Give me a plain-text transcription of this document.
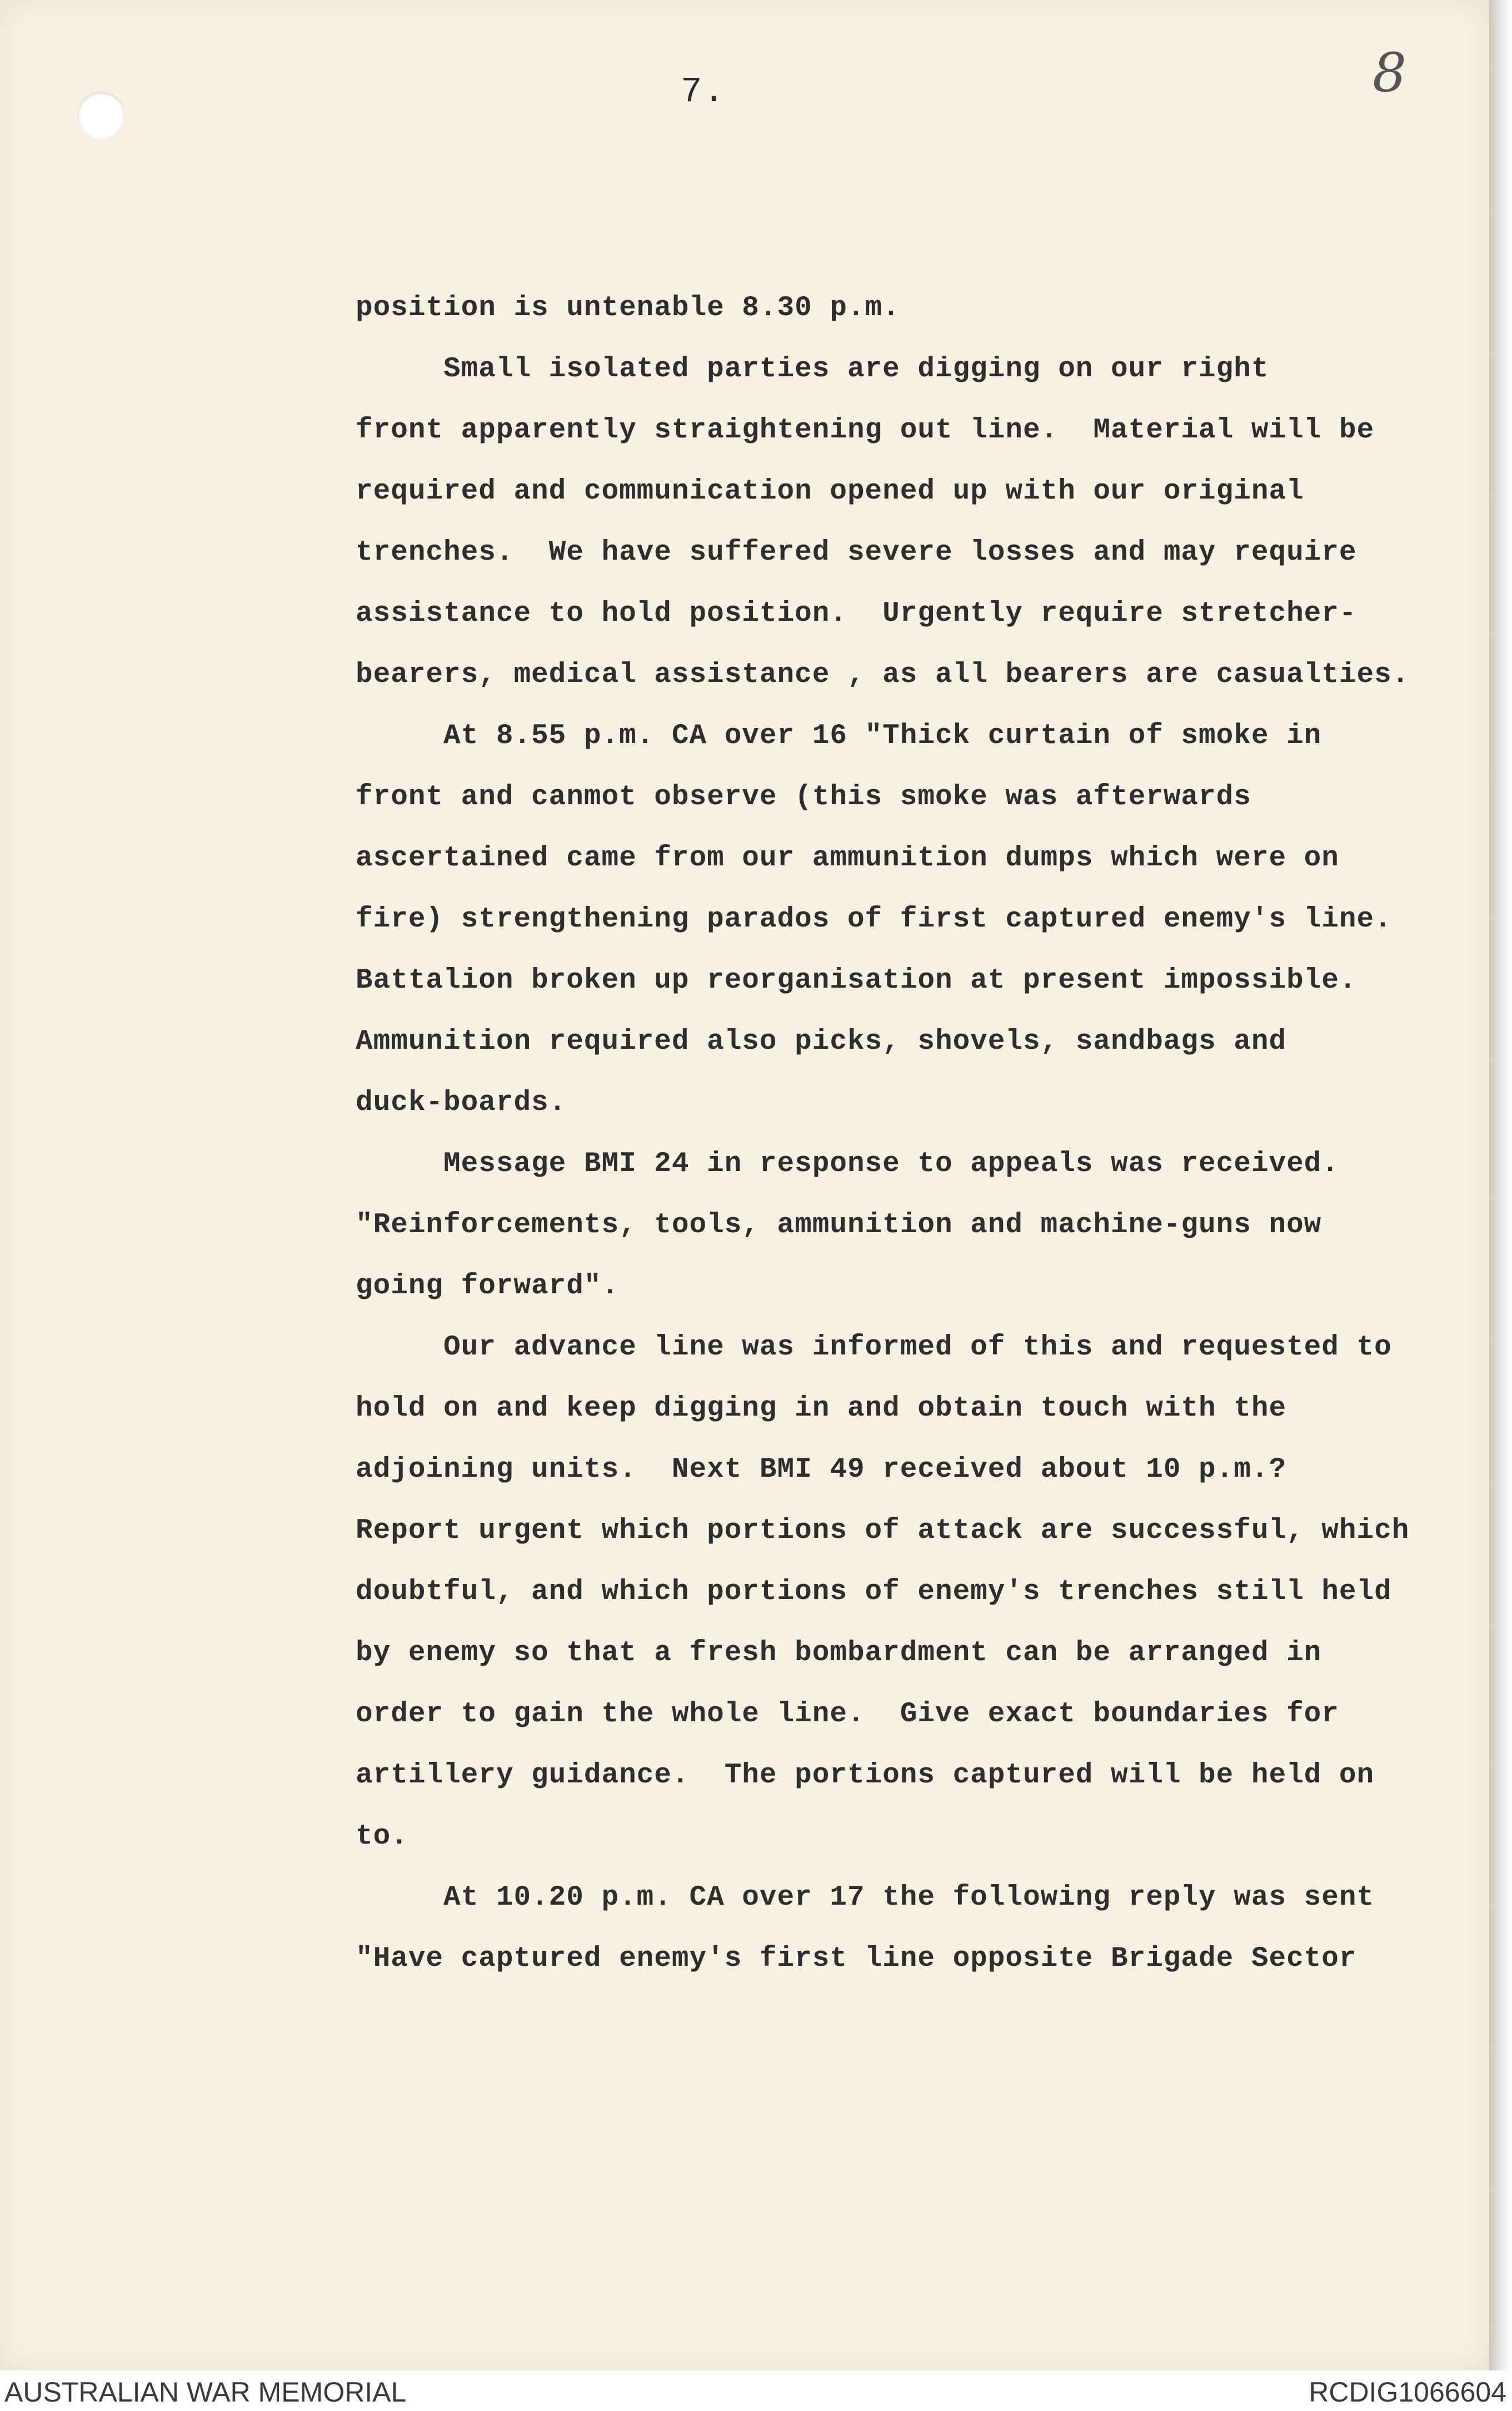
7.	8
position is untenable 8.30 p.m.
Small isolated parties are digging on our right
front apparently straightening out line.  Material will be
required and communication opened up with our original
trenches.  We have suffered severe losses and may require
assistance to hold position.  Urgently require stretcher-
bearers, medical assistance , as all bearers are casualties.
At 8.55 p.m. CA over 16 "Thick curtain of smoke in
front and canmot observe (this smoke was afterwards
ascertained came from our ammunition dumps which were on
fire) strengthening parados of first captured enemy's line.
Battalion broken up reorganisation at present impossible.
Ammunition required also picks, shovels, sandbags and
duck-boards.
Message BMI 24 in response to appeals was received.
"Reinforcements, tools, ammunition and machine-guns now
going forward".
Our advance line was informed of this and requested to
hold on and keep digging in and obtain touch with the
adjoining units.  Next BMI 49 received about 10 p.m.?
Report urgent which portions of attack are successful, which
doubtful, and which portions of enemy's trenches still held
by enemy so that a fresh bombardment can be arranged in
order to gain the whole line.  Give exact boundaries for
artillery guidance.  The portions captured will be held on
to.
At 10.20 p.m. CA over 17 the following reply was sent
"Have captured enemy's first line opposite Brigade Sector
AUSTRALIAN WAR MEMORIAL	RCDIG1066604
